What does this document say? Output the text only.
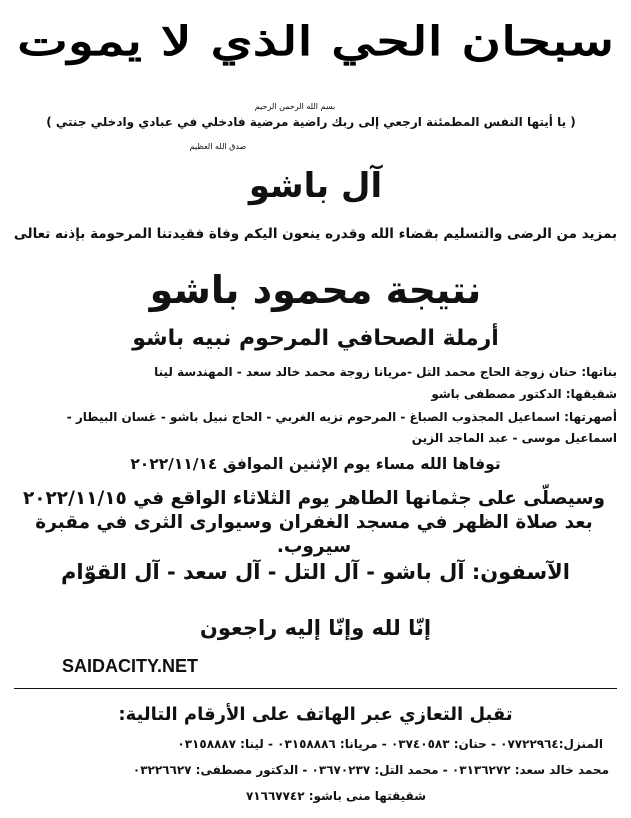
سبحان الحي الذي لا يموت
بسم الله الرحمن الرحيم
( يا أيتها النفس المطمئنة ارجعي إلى ربك راضية مرضية فادخلي في عبادي وادخلي جنتي )
صدق الله العظيم
آل باشو
بمزيد من الرضى والتسليم بقضاء الله وقدره ينعون اليكم وفاة فقيدتنا المرحومة بإذنه تعالى
نتيجة محمود باشو
أرملة الصحافي المرحوم نبيه باشو
بناتها: حنان زوجة الحاج محمد التل -مريانا زوجة محمد خالد سعد - المهندسة لينا
شقيقها: الدكتور مصطفى باشو
أصهرتها: اسماعيل المجذوب الصباغ - المرحوم نزيه الغربي - الحاج نبيل باشو - غسان البيطار -
اسماعيل موسى - عبد الماجد الزين
توفاها الله مساء يوم الإثنين الموافق ٢٠٢٢/١١/١٤
وسيصلّى على جثمانها الطاهر يوم الثلاثاء الواقع في ٢٠٢٢/١١/١٥ بعد صلاة الظهر في مسجد الغفران وسيوارى الثرى في مقبرة سيروب.
الآسفون: آل باشو - آل التل - آل سعد - آل القوّام
إنّا لله وإنّا إليه راجعون
SAIDACITY.NET
تقبل التعازي عبر الهاتف على الأرقام التالية:
المنزل:٠٧٧٢٢٩٦٤ - حنان: ٠٣٧٤٠٥٨٣ - مريانا: ٠٣١٥٨٨٨٦ - لينا: ٠٣١٥٨٨٨٧
محمد خالد سعد: ٠٣١٣٦٢٧٢ - محمد التل: ٠٣٦٧٠٢٣٧ - الدكتور مصطفى: ٠٣٢٢٦٦٢٧
شقيقتها منى باشو: ٧١٦٦٧٧٤٢
